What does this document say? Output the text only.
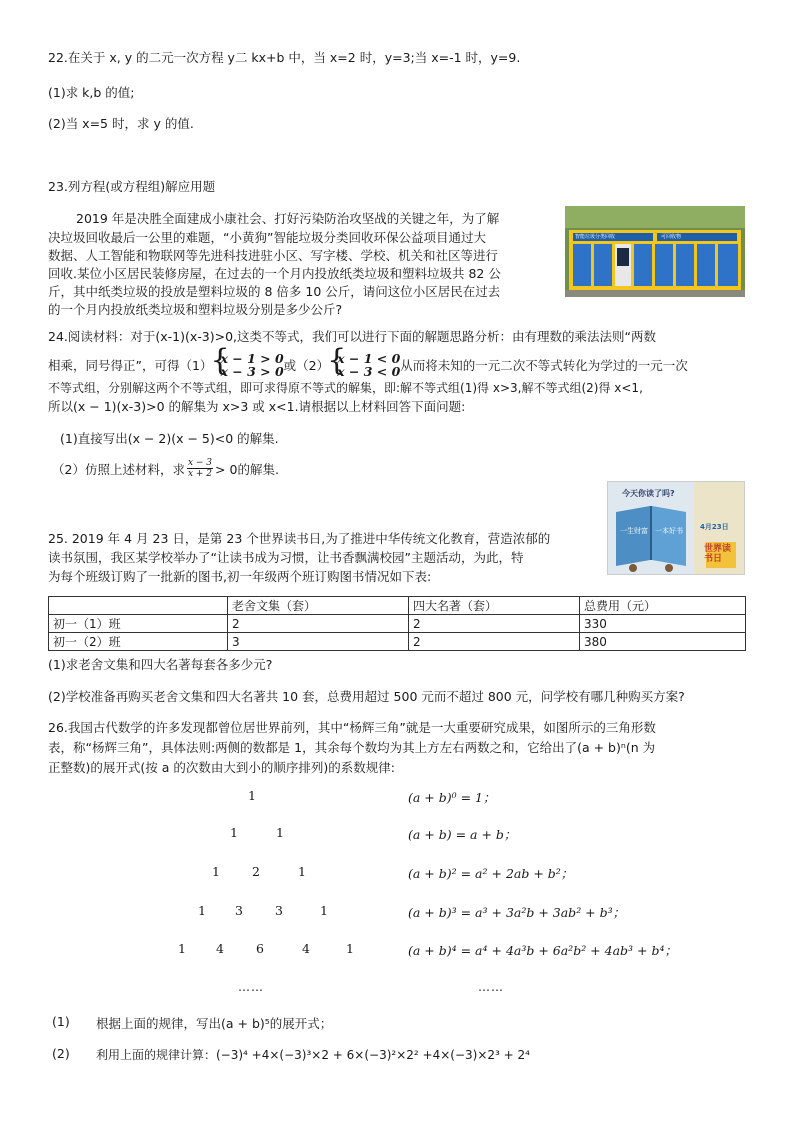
22.在关于 x, y 的二元一次方程 y二 kx+b 中，当 x=2 时，y=3;当 x=-1 时，y=9.
(1)求 k,b 的值;
(2)当 x=5 时，求 y 的值.
23.列方程(或方程组)解应用题
2019 年是决胜全面建成小康社会、打好污染防治攻坚战的关键之年，为了解
决垃圾回收最后一公里的难题，“小黄狗”智能垃圾分类回收环保公益项目通过大
数据、人工智能和物联网等先进科技进驻小区、写字楼、学校、机关和社区等进行
回收.某位小区居民装修房屋，在过去的一个月内投放纸类垃圾和塑料垃圾共 82 公
斤，其中纸类垃圾的投放是塑料垃圾的 8 倍多 10 公斤，请问这位小区居民在过去
的一个月内投放纸类垃圾和塑料垃圾分别是多少公斤?
智能垃圾分类回收	可回收物
24.阅读材料：对于(x-1)(x-3)>0,这类不等式，我们可以进行下面的解题思路分析：由有理数的乘法法则“两数
相乘，同号得正”，可得（1） { x − 1 > 0
x − 3 > 0 或（2） { x − 1 < 0
x − 3 < 0 从而将未知的一元二次不等式转化为学过的一元一次
不等式组，分别解这两个不等式组，即可求得原不等式的解集，即:解不等式组(1)得 x>3,解不等式组(2)得 x<1,
所以(x − 1)(x-3)>0 的解集为 x>3 或 x<1.请根据以上材料回答下面问题:
(1)直接写出(x − 2)(x − 5)<0 的解集.
（2）仿照上述材料，求 $\frac{x - 3}{x + 2} > 0$的解集.
今天你读了吗?
一本好书
一生财富	4月23日
世界读书日
25. 2019 年 4 月 23 日，是第 23 个世界读书日,为了推进中华传统文化教育，营造浓郁的
读书氛围，我区某学校举办了“让读书成为习惯，让书香飘满校园”主题活动，为此，特
为每个班级订购了一批新的图书,初一年级两个班订购图书情况如下表:
	老舍文集（套）	四大名著（套）	总费用（元）
初一（1）班	2	2	330
初一（2）班	3	2	380
(1)求老舍文集和四大名著每套各多少元?
(2)学校准备再购买老舍文集和四大名著共 10 套，总费用超过 500 元而不超过 800 元，问学校有哪几种购买方案?
26.我国古代数学的许多发现都曾位居世界前列，其中“杨辉三角”就是一大重要研究成果，如图所示的三角形数
表，称“杨辉三角”，具体法则:两侧的数都是 1，其余每个数均为其上方左右两数之和，它给出了(a + b)ⁿ(n 为
正整数)的展开式(按 a 的次数由大到小的顺序排列)的系数规律:
1
1	1
1	2	1
1 3	3	1
1 4	6	4	1
……
(a + b)⁰ = 1；
(a + b) = a + b；
(a + b)² = a² + 2ab + b²；
(a + b)³ = a³ + 3a²b + 3ab² + b³；
(a + b)⁴ = a⁴ + 4a³b + 6a²b² + 4ab³ + b⁴；
……
(1) 根据上面的规律，写出(a + b)⁵的展开式；
(2) 利用上面的规律计算：(−3)⁴ +4×(−3)³×2 + 6×(−3)²×2² +4×(−3)×2³ + 2⁴
